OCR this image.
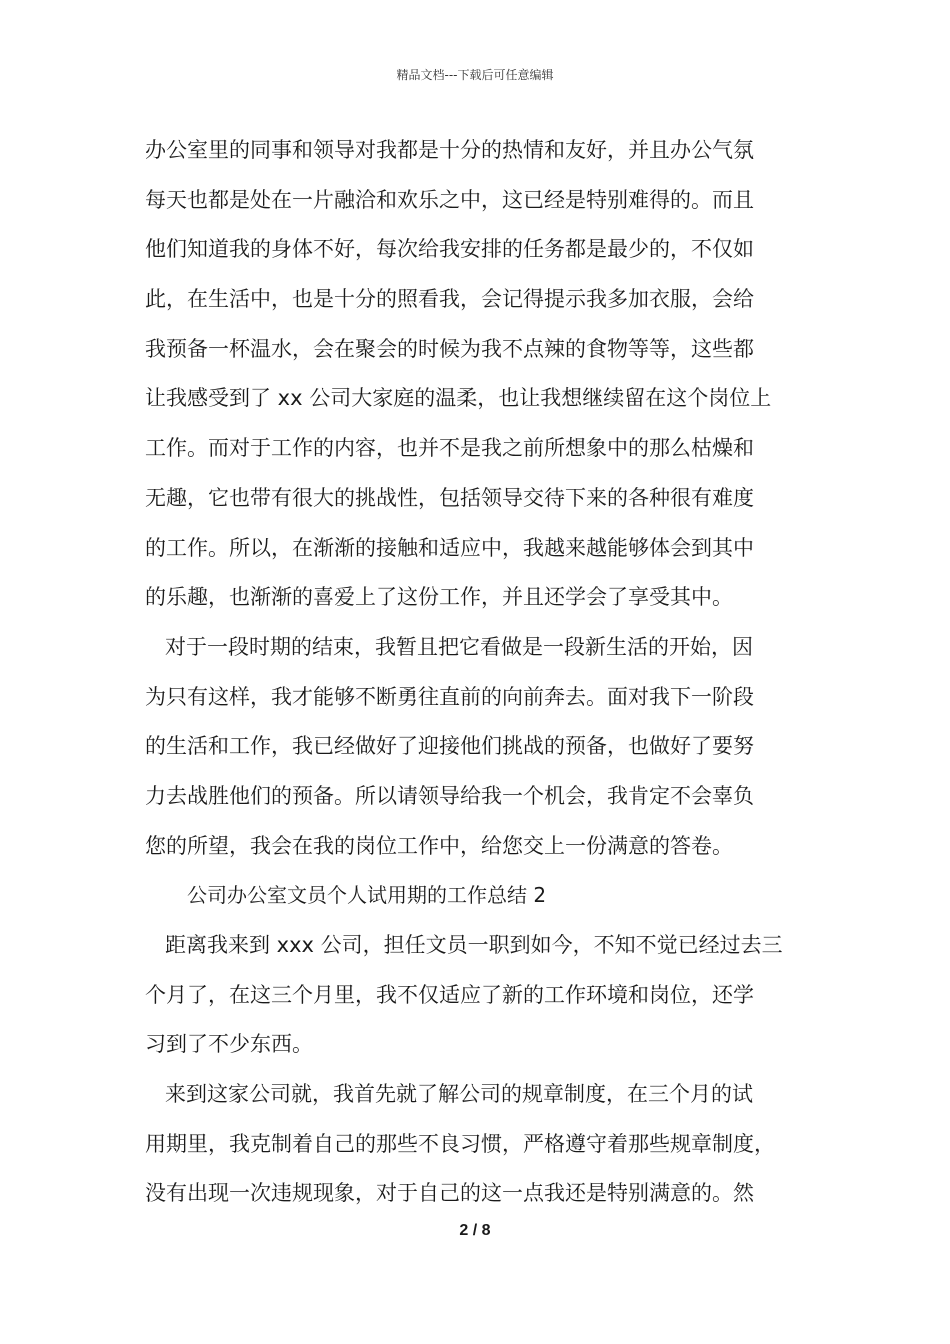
精品文档---下载后可任意编辑
办公室里的同事和领导对我都是十分的热情和友好，并且办公气氛
每天也都是处在一片融洽和欢乐之中，这已经是特别难得的。而且
他们知道我的身体不好，每次给我安排的任务都是最少的，不仅如
此，在生活中，也是十分的照看我，会记得提示我多加衣服，会给
我预备一杯温水，会在聚会的时候为我不点辣的食物等等，这些都
让我感受到了 xx 公司大家庭的温柔，也让我想继续留在这个岗位上
工作。而对于工作的内容，也并不是我之前所想象中的那么枯燥和
无趣，它也带有很大的挑战性，包括领导交待下来的各种很有难度
的工作。所以，在渐渐的接触和适应中，我越来越能够体会到其中
的乐趣，也渐渐的喜爱上了这份工作，并且还学会了享受其中。
对于一段时期的结束，我暂且把它看做是一段新生活的开始，因
为只有这样，我才能够不断勇往直前的向前奔去。面对我下一阶段
的生活和工作，我已经做好了迎接他们挑战的预备，也做好了要努
力去战胜他们的预备。所以请领导给我一个机会，我肯定不会辜负
您的所望，我会在我的岗位工作中，给您交上一份满意的答卷。
公司办公室文员个人试用期的工作总结 2
距离我来到 xxx 公司，担任文员一职到如今，不知不觉已经过去三
个月了，在这三个月里，我不仅适应了新的工作环境和岗位，还学
习到了不少东西。
来到这家公司就，我首先就了解公司的规章制度，在三个月的试
用期里，我克制着自己的那些不良习惯，严格遵守着那些规章制度，
没有出现一次违规现象，对于自己的这一点我还是特别满意的。然
2 / 8
